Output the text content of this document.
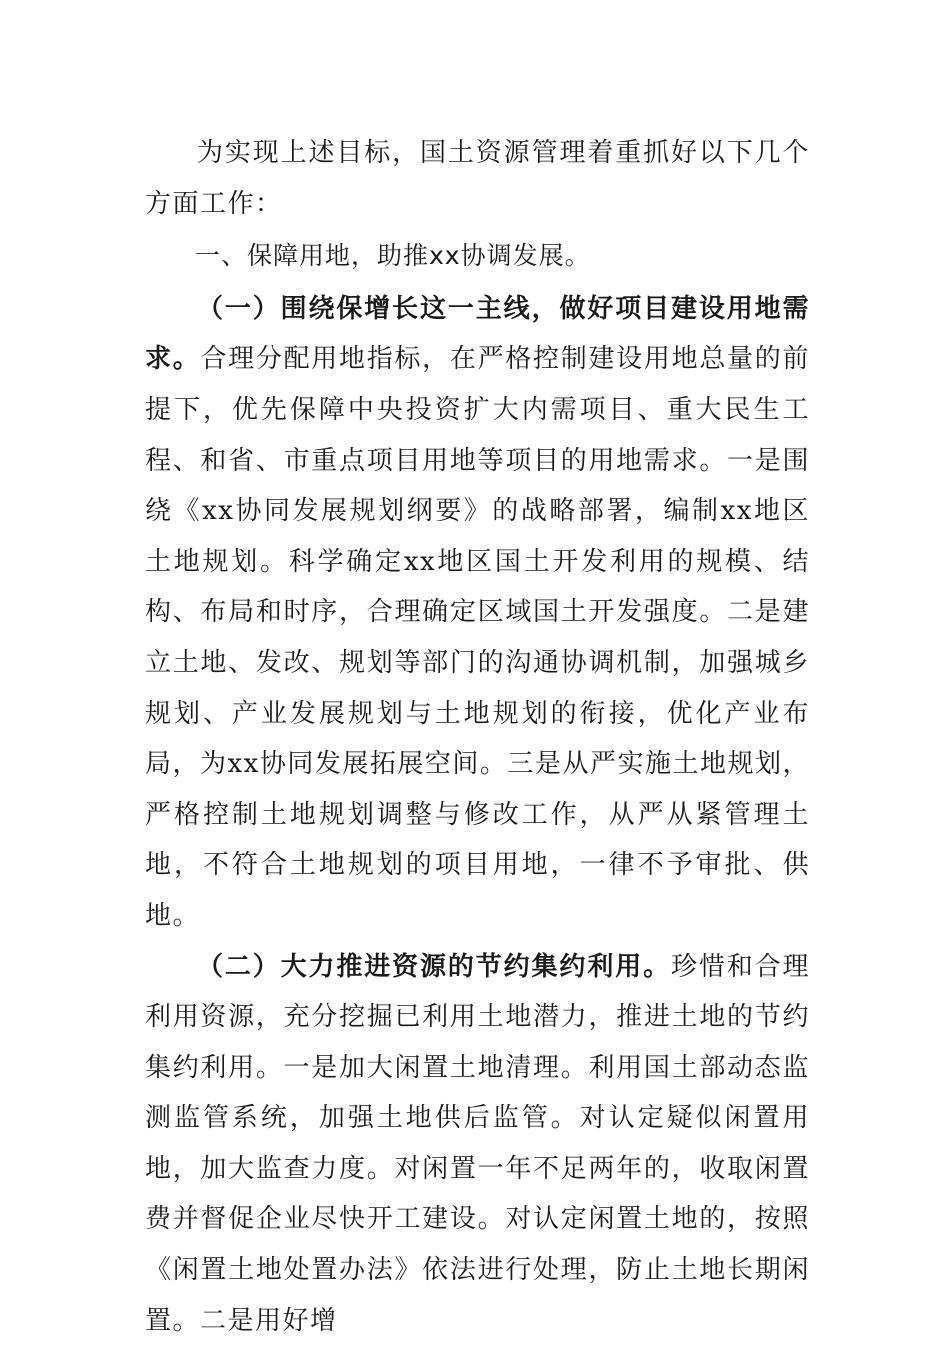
为实现上述目标，国土资源管理着重抓好以下几个方面工作：

一、保障用地，助推xx协调发展。

（一）围绕保增长这一主线，做好项目建设用地需求。合理分配用地指标，在严格控制建设用地总量的前提下，优先保障中央投资扩大内需项目、重大民生工程、和省、市重点项目用地等项目的用地需求。一是围绕《xx协同发展规划纲要》的战略部署，编制xx地区土地规划。科学确定xx地区国土开发利用的规模、结构、布局和时序，合理确定区域国土开发强度。二是建立土地、发改、规划等部门的沟通协调机制，加强城乡规划、产业发展规划与土地规划的衔接，优化产业布局，为xx协同发展拓展空间。三是从严实施土地规划，严格控制土地规划调整与修改工作，从严从紧管理土地，不符合土地规划的项目用地，一律不予审批、供地。

（二）大力推进资源的节约集约利用。珍惜和合理利用资源，充分挖掘已利用土地潜力，推进土地的节约集约利用。一是加大闲置土地清理。利用国土部动态监测监管系统，加强土地供后监管。对认定疑似闲置用地，加大监查力度。对闲置一年不足两年的，收取闲置费并督促企业尽快开工建设。对认定闲置土地的，按照《闲置土地处置办法》依法进行处理，防止土地长期闲置。二是用好增
